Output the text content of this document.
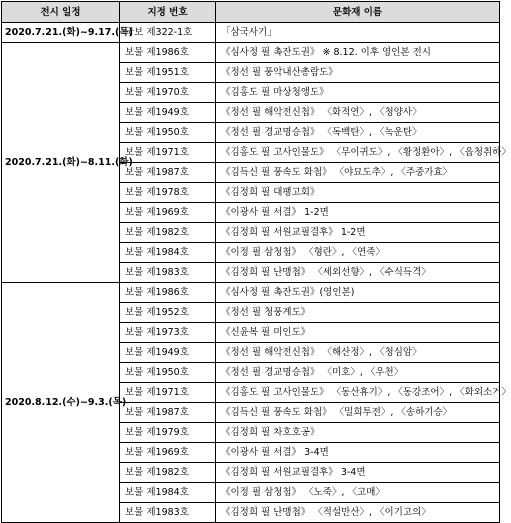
전시 일정	지정 번호	문화재 이름
2020.7.21.(화)~9.17.(목)	국보 제322-1호	「삼국사기」
2020.7.21.(화)~8.11.(화)	보물 제1986호	《심사정 필 촉잔도권》 ※ 8.12. 이후 영인본 전시
	보물 제1951호	《정선 필 풍악내산총람도》
	보물 제1970호	《김홍도 필 마상청앵도》
	보물 제1949호	《정선 필 해악전신첩》 〈화적연〉, 〈청양사〉
	보물 제1950호	《정선 필 경교명승첩》 〈독백탄〉, 〈녹운탄〉
	보물 제1971호	《김홍도 필 고사인물도》 〈무이귀도〉, 〈황정환아〉, 〈읍청취하〉
	보물 제1987호	《김득신 필 풍속도 화첩》 〈야묘도추〉, 〈주중가효〉
	보물 제1978호	《김정희 필 대팽고회》
	보물 제1969호	《이광사 필 서결》 1-2면
	보물 제1982호	《김정희 필 서원교필결후》 1-2면
	보물 제1984호	《이정 필 삼청첩》 〈형란〉, 〈연죽〉
	보물 제1983호	《김정희 필 난맹첩》 〈세외선향〉, 〈수식득격〉
2020.8.12.(수)~9.3.(목)	보물 제1986호	《심사정 필 촉잔도권》(영인본)
	보물 제1952호	《정선 필 청풍계도》
	보물 제1973호	《신윤복 필 미인도》
	보물 제1949호	《정선 필 해악전신첩》 〈해산정〉, 〈청심암〉
	보물 제1950호	《정선 필 경교명승첩》 〈미호〉, 〈우천〉
	보물 제1971호	《김홍도 필 고사인물도》 〈동산휴기〉, 〈동강조어〉, 〈화외소거〉
	보물 제1987호	《김득신 필 풍속도 화첩》 〈밀희투전〉, 〈송하기승〉
	보물 제1979호	《김정희 필 차호호공》
	보물 제1969호	《이광사 필 서결》 3-4면
	보물 제1982호	《김정희 필 서원교필결후》 3-4면
	보물 제1984호	《이정 필 삼청첩》 〈노죽〉, 〈고매〉
	보물 제1983호	《김정희 필 난맹첩》 〈적설만산〉, 〈이기고의〉
